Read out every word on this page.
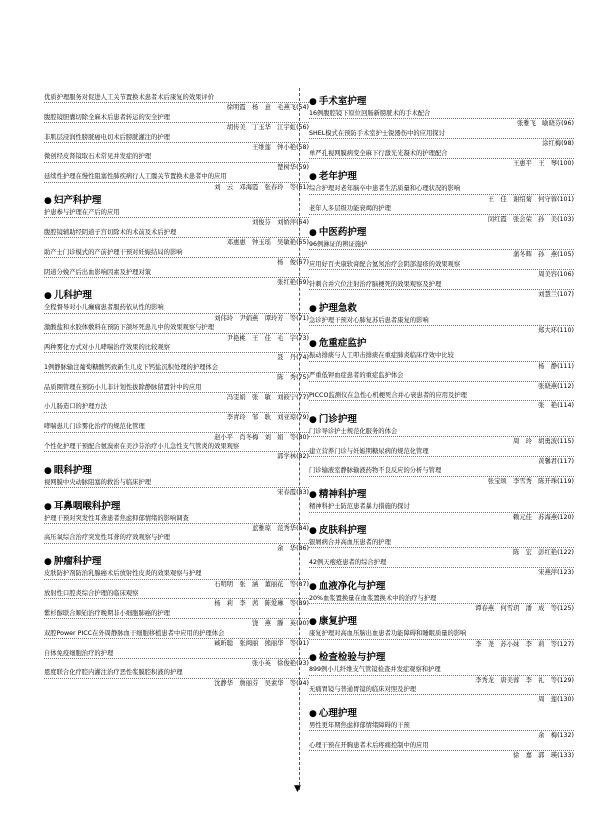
优质护理服务对促进人工关节置换术患者术后康复的效果评价
徐明霞　杨　意　毛燕飞(54)
腹腔镜胆囊切除全麻术后患者转运的安全护理
胡传美　丁玉华　江宇虹(56)
非肌层浸润性膀胱癌电切术后膀胱灌注的护理
王维莲　钟小艳(58)
微创经皮肾镜取石术常见并发症的护理
楚树华(59)
延续性护理在慢性阻塞性肺疾病行人工髋关节置换术患者中的应用
刘　云　邓海霞　张春玲　等(61)
● 妇产科护理
护患参与护理在产后的应用
刘俊芬　刘娇萍(64)
腹腔镜辅助经阴道子宫切除术的术前及术后护理
邓惠惠　钟玉瑶　吴敏艳(65)
助产士门诊模式的产前护理干预对妊娠结局的影响
杨　俊(67)
阴道分娩产后出血影响因素及护理对策
张红艳(69)
● 儿科护理
全程督导对小儿癫痫患者服药依从性的影响
刘伟玲　尹娟燕　谭玲芳　等(71)
激酸盐和水胶体敷料在预防下颌坏死患儿中的效果观察与护理
尹艳桃　王　佳　毛　宇(73)
两种雾化方式对小儿哮喘治疗效果的比较观察
聂　丹(74)
1例静脉输注葡萄糖酸钙致新生儿皮下钙盐沉积处理的护理体会
陈　秀(75)
品质圈管理在预防小儿非计划性拔除静脉留置针中的应用
冯雯娟　张　敏　刘筱宁(77)
小儿肠造口的护理方法
李青玲　邹　耿　刘亚琼(79)
哮喘患儿门诊雾化治疗的规范化管理
赵小平　肖冬梅　刘　娟　等(80)
个性化护理干预配合氨溴索在美沙芬治疗小儿急性支气管炎的效果观察
郭学林(82)
● 眼科护理
视网膜中央动脉阻塞的救治与临床护理
宋春霞(83)
● 耳鼻咽喉科护理
护理干预对突发性耳聋患者焦虑抑郁情绪的影响调查
蓝雅琼　范秀华(84)
高压氧综合治疗突发性耳聋的疗效观察与护理
余　华(86)
● 肿瘤科护理
皮肤防护剂防治乳腺癌术后放射性皮炎的效果观察与护理
石明明　张　涵　董丽花　等(87)
放射性口腔炎综合护理的临床观察
杨　莉　李　茜　陈爱琳　等(89)
紫杉醇联合顺铂治疗晚期非小细胞肺癌的护理
饶　燕　滕　英(90)
双腔Power PICC在外周静脉血干细胞移植患者中应用的护理体会
臧昕聪　张闽丽　熊丽华　等(91)
自体免疫细胞治疗的护理
张小英　徐俊艳(93)
恩度联合化疗腔内灌注治疗恶性浆膜腔积液的护理
沈静华　詹丽芬　吴素华　等(94)
● 手术室护理
16例腹腔镜下原位回肠新膀胱术的手术配合
张雅飞　喻晓芬(96)
SHEL模式在预防手术室护士锐器伤中的应用探讨
涂红梅(98)
单严孔视网膜病变全麻下行激光光凝术的护理配合
王惠平　王　琴(100)
● 老年护理
综合护理对老年脑卒中患者生活质量和心理状况的影响
王　佳　谢绍菊　何守蓉(101)
老年人多层级功能衰竭的护理
闵红霞　张会荣　孙　美(103)
● 中医药护理
96例淋证的辨证施护
蒲冬辉　孙　燕(105)
应用好百夫康软膏配合氦氖治疗会阴部湿疹的效果观察
周美容(106)
针刺合并穴位注射治疗脑梗死的效果观察及护理
刘慧兰(107)
● 护理急救
急诊护理干预对心肺复苏后患者康复的影响
郑大环(110)
● 危重症监护
振动排痰与人工叩击排痰在重症肺炎临床疗效中比较
杨　静(111)
严重低钾血症患者的重症监护体会
张晓燕(112)
PICCO监测仪在急性心机梗死合并心衰患者的应用及护理
张　艳(114)
● 门诊护理
门诊导诊护士规范化服务的体会
周　玲　胡勇波(115)
建立营养门诊与妊娠期糖尿病的规范化管理
黄馨君(117)
门诊输液室静脉输液药物不良反应的分析与管理
张宝颂　李雪秀　陈开珠(119)
● 精神科护理
精神科护士防范患者暴力措施的探讨
赖元佳　苏海燕(120)
● 皮肤科护理
银屑病合并高血压患者的护理
陈　宏　彭红艳(122)
42例天疱疮患者的综合护理
宋燕萍(123)
● 血液净化与护理
20%血浆置换量在血浆置换术中的治疗与护理
谭春燕　何雪玥　潘　成　等(125)
● 康复护理
康复护理对高血压脑出血患者功能障碍和睡眠质量的影响
李　尧　苏小妹　李　莉　等(127)
● 检查检验与护理
899例小儿纤维支气管镜检查并发症观察和护理
李秀龙　唐美蓉　李　礼　等(129)
无痛胃镜与普通胃镜的临床对照及护理
周　莲(130)
● 心理护理
男性更年期焦虑抑郁情绪障碍的干预
余　梅(132)
心理干预在开胸患者术后疼痛控制中的应用
徐　嘉　郭　瑛(133)
▼
